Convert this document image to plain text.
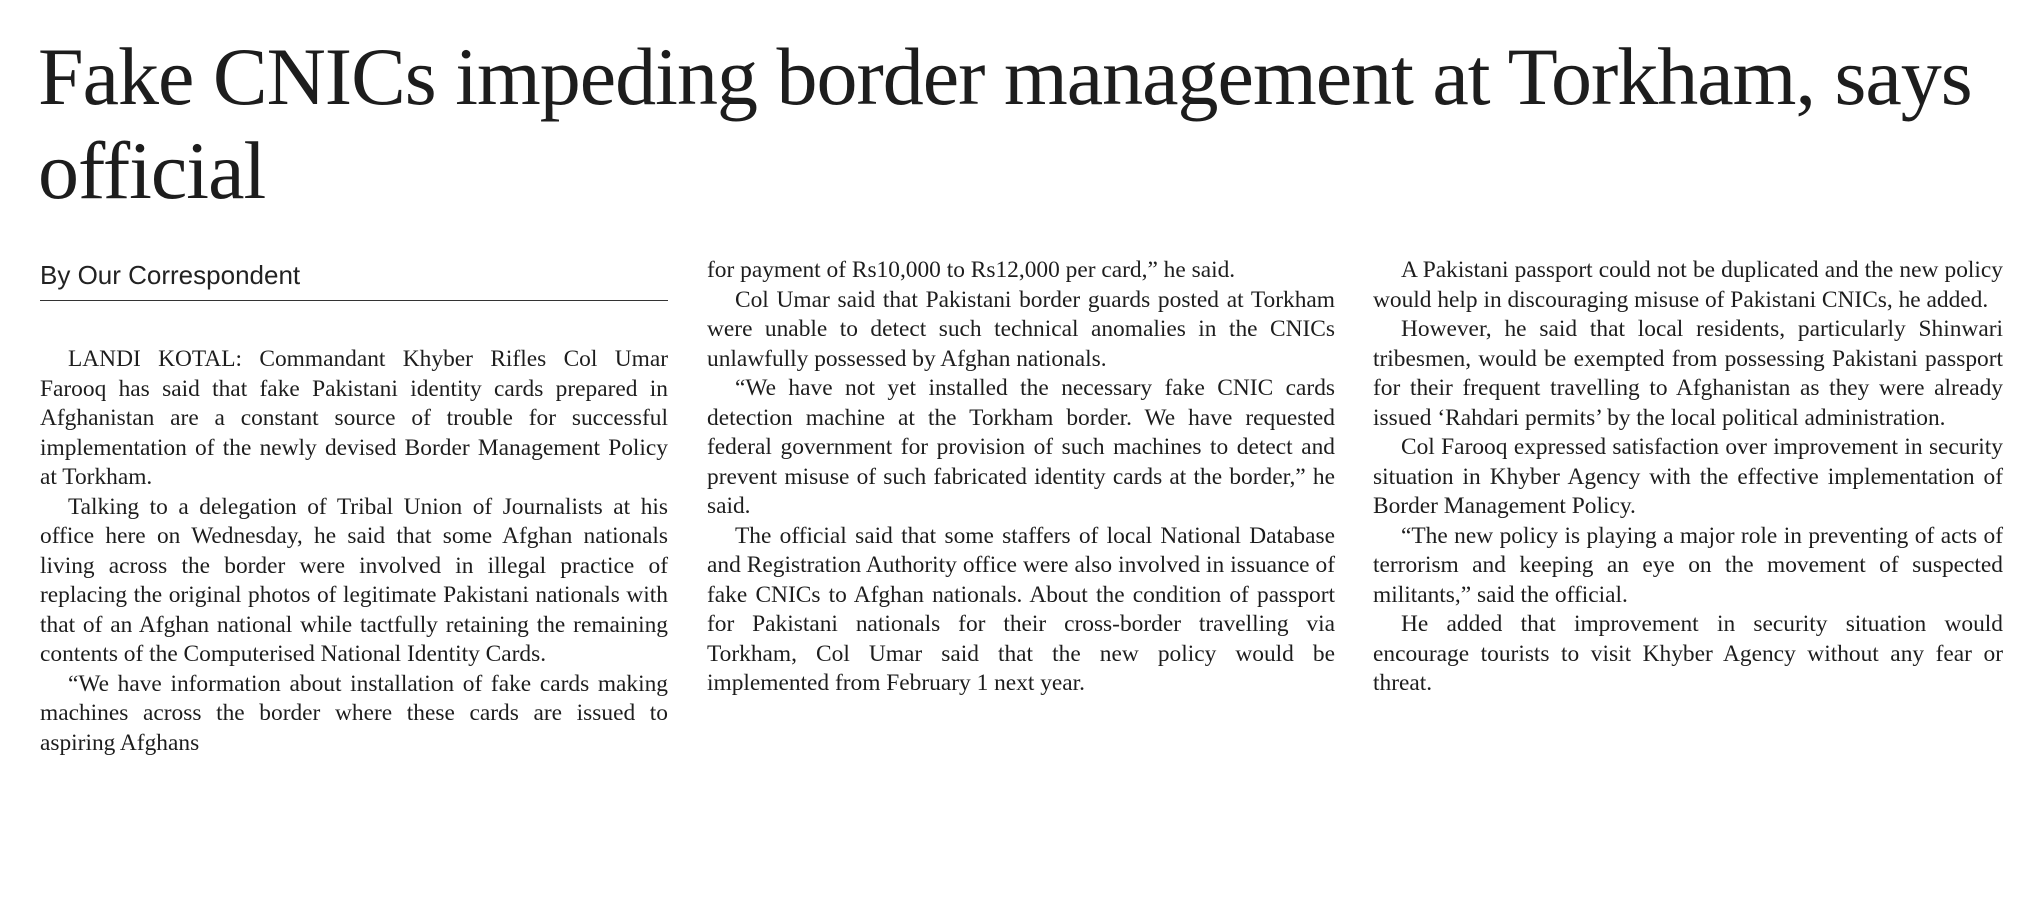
Fake CNICs impeding border management at Torkham, says official
By Our Correspondent

LANDI KOTAL: Commandant Khyber Rifles Col Umar Farooq has said that fake Pakistani identity cards prepared in Afghanistan are a constant source of trouble for successful implementation of the newly devised Border Management Policy at Torkham.

Talking to a delegation of Tribal Union of Journalists at his office here on Wednesday, he said that some Afghan nationals living across the border were involved in illegal practice of replacing the original photos of legitimate Pakistani nationals with that of an Afghan national while tactfully retaining the remaining contents of the Computerised National Identity Cards.

“We have information about installation of fake cards making machines across the border where these cards are issued to aspiring Afghans

for payment of Rs10,000 to Rs12,000 per card,” he said.

Col Umar said that Pakistani border guards posted at Torkham were unable to detect such technical anomalies in the CNICs unlawfully possessed by Afghan nationals.

“We have not yet installed the necessary fake CNIC cards detection machine at the Torkham border. We have requested federal government for provision of such machines to detect and prevent misuse of such fabricated identity cards at the border,” he said.

The official said that some staffers of local National Database and Registration Authority office were also involved in issuance of fake CNICs to Afghan nationals. About the condition of passport for Pakistani nationals for their cross-border travelling via Torkham, Col Umar said that the new policy would be implemented from February 1 next year.

A Pakistani passport could not be duplicated and the new policy would help in discouraging misuse of Pakistani CNICs, he added.

However, he said that local residents, particularly Shinwari tribesmen, would be exempted from possessing Pakistani passport for their frequent travelling to Afghanistan as they were already issued ‘Rahdari permits’ by the local political administration.

Col Farooq expressed satisfaction over improvement in security situation in Khyber Agency with the effective implementation of Border Management Policy.

“The new policy is playing a major role in preventing of acts of terrorism and keeping an eye on the movement of suspected militants,” said the official.

He added that improvement in security situation would encourage tourists to visit Khyber Agency without any fear or threat.
